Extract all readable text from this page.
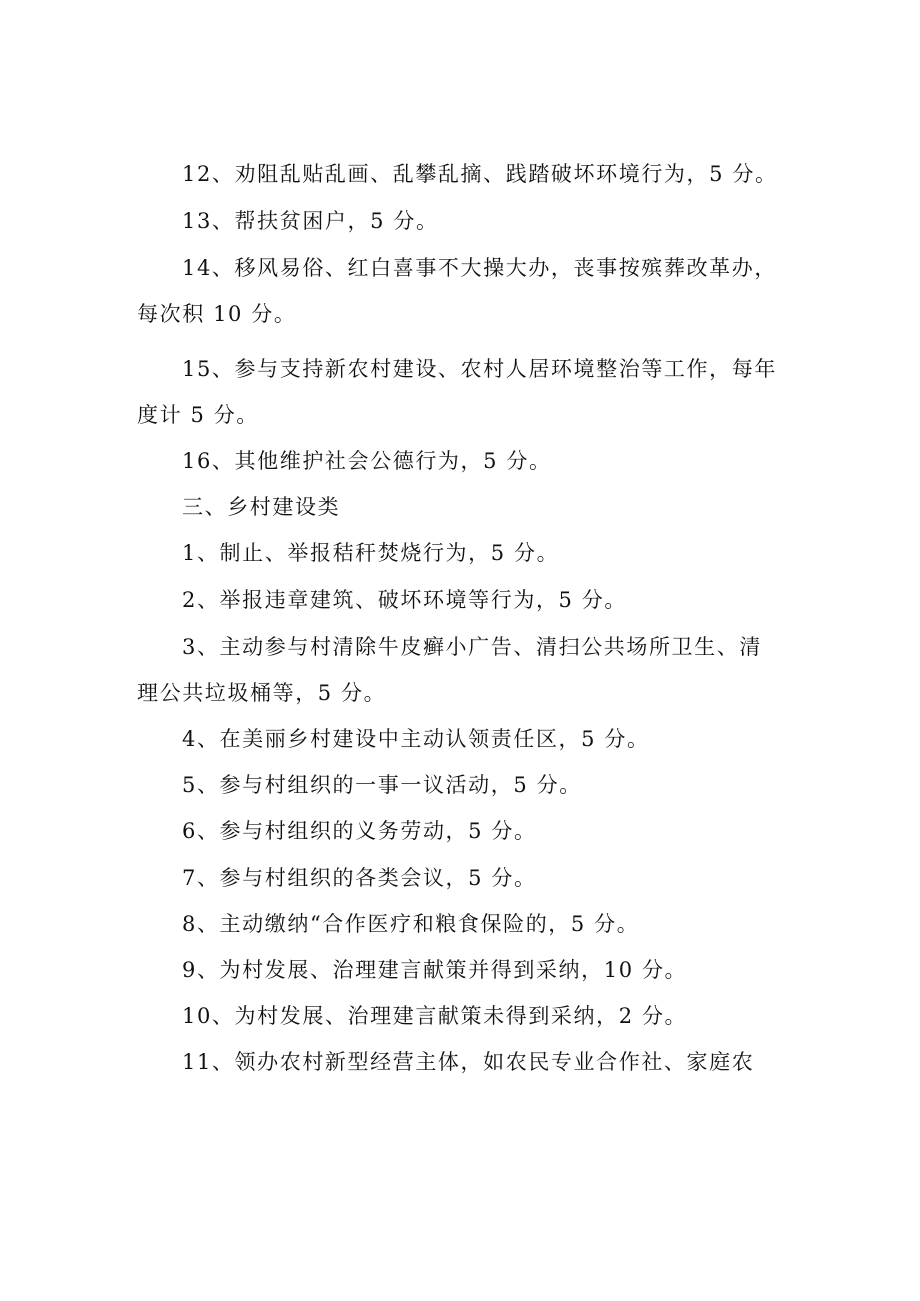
12、劝阻乱贴乱画、乱攀乱摘、践踏破坏环境行为，5 分。

13、帮扶贫困户，5 分。

14、移风易俗、红白喜事不大操大办，丧事按殡葬改革办，
每次积 10 分。

15、参与支持新农村建设、农村人居环境整治等工作，每年
度计 5 分。

16、其他维护社会公德行为，5 分。

三、乡村建设类

1、制止、举报秸秆焚烧行为，5 分。

2、举报违章建筑、破坏环境等行为，5 分。

3、主动参与村清除牛皮癣小广告、清扫公共场所卫生、清
理公共垃圾桶等，5 分。

4、在美丽乡村建设中主动认领责任区，5 分。

5、参与村组织的一事一议活动，5 分。

6、参与村组织的义务劳动，5 分。

7、参与村组织的各类会议，5 分。

8、主动缴纳“合作医疗和粮食保险的，5 分。

9、为村发展、治理建言献策并得到采纳，10 分。

10、为村发展、治理建言献策未得到采纳，2 分。

11、领办农村新型经营主体，如农民专业合作社、家庭农
